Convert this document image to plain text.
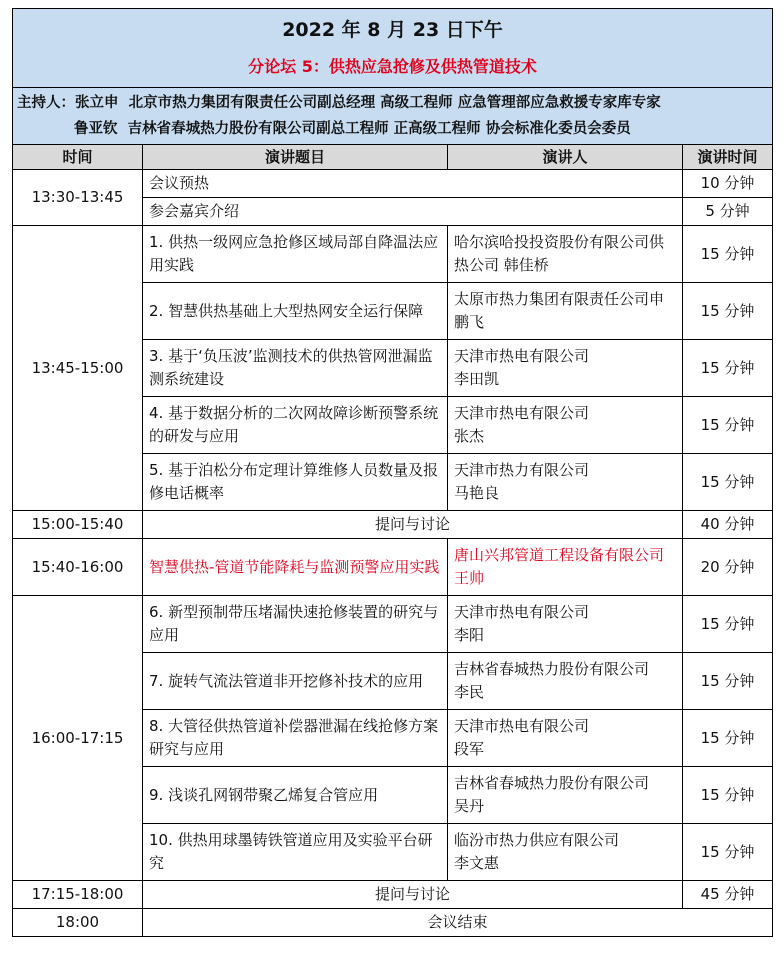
2022 年 8 月 23 日下午			
分论坛 5：供热应急抢修及供热管道技术			

主持人：张立申 北京市热力集团有限责任公司副总经理 高级工程师 应急管理部应急救援专家库专家
鲁亚钦 吉林省春城热力股份有限公司副总工程师 正高级工程师 协会标准化委员会委员			

时间	演讲题目	演讲人	演讲时间
13:30-13:45	会议预热		10 分钟
	参会嘉宾介绍		5 分钟
13:45-15:00	1. 供热一级网应急抢修区域局部自降温法应用实践	哈尔滨哈投投资股份有限公司供热公司 韩佳桥	15 分钟
	2. 智慧供热基础上大型热网安全运行保障	太原市热力集团有限责任公司申鹏飞	15 分钟
	3. 基于‘负压波’监测技术的供热管网泄漏监测系统建设	天津市热电有限公司
李田凯	15 分钟
	4. 基于数据分析的二次网故障诊断预警系统的研发与应用	天津市热电有限公司
张杰	15 分钟
	5. 基于泊松分布定理计算维修人员数量及报修电话概率	天津市热力有限公司
马艳良	15 分钟
15:00-15:40	提问与讨论		40 分钟
15:40-16:00	智慧供热-管道节能降耗与监测预警应用实践	唐山兴邦管道工程设备有限公司 王帅	20 分钟
16:00-17:15	6. 新型预制带压堵漏快速抢修装置的研究与应用	天津市热电有限公司
李阳	15 分钟
	7. 旋转气流法管道非开挖修补技术的应用	吉林省春城热力股份有限公司
李民	15 分钟
	8. 大管径供热管道补偿器泄漏在线抢修方案研究与应用	天津市热电有限公司
段军	15 分钟
	9. 浅谈孔网钢带聚乙烯复合管应用	吉林省春城热力股份有限公司
吴丹	15 分钟
	10. 供热用球墨铸铁管道应用及实验平台研究	临汾市热力供应有限公司
李文惠	15 分钟
17:15-18:00	提问与讨论		45 分钟
18:00	会议结束		
